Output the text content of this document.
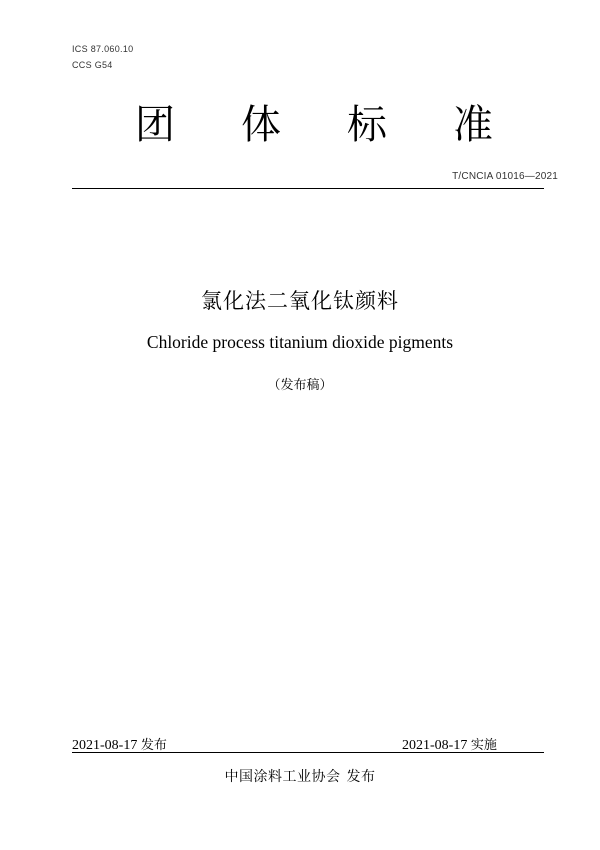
ICS 87.060.10
CCS G54
团 体 标 准
T/CNCIA 01016—2021
氯化法二氧化钛颜料
Chloride process titanium dioxide pigments
（发布稿）
2021-08-17 发布	2021-08-17 实施
中国涂料工业协会 发布
